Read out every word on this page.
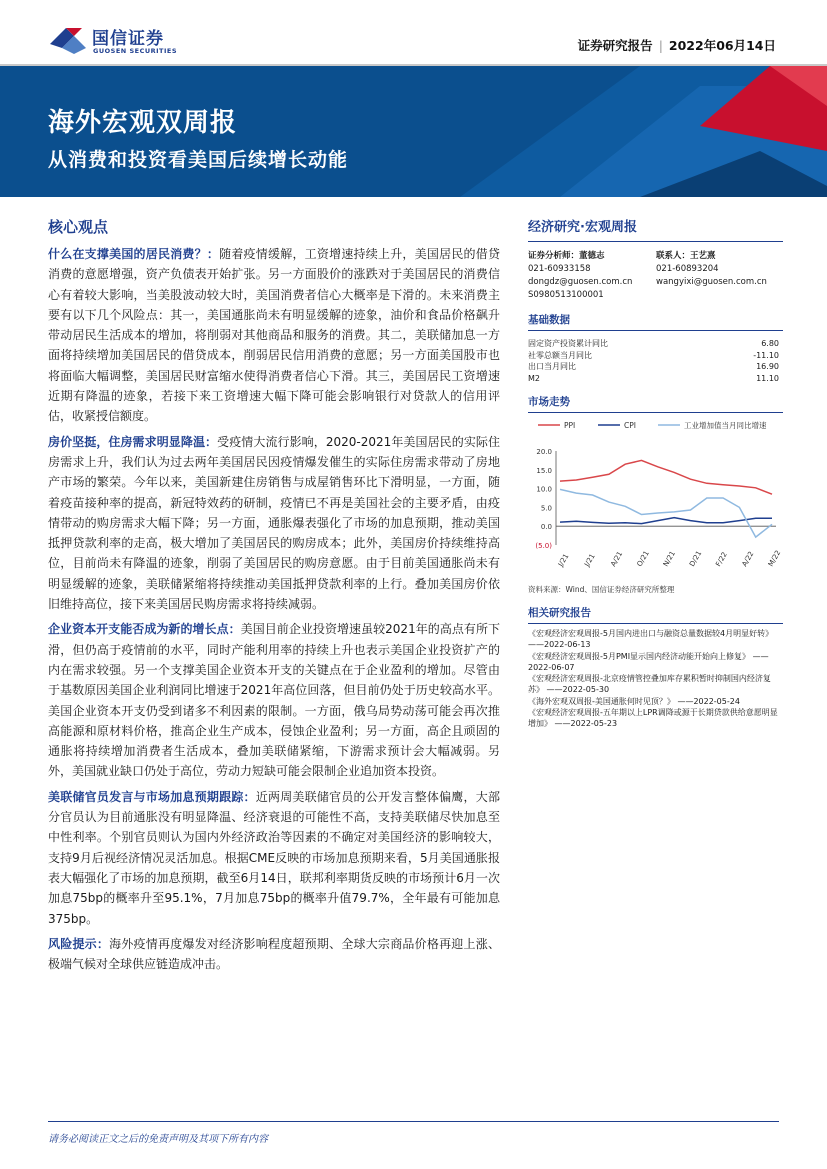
国信证券
GUOSEN SECURITIES	证券研究报告 | 2022年06月14日
海外宏观双周报
从消费和投资看美国后续增长动能
核心观点

什么在支撑美国的居民消费？：随着疫情缓解，工资增速持续上升，美国居民的借贷消费的意愿增强，资产负债表开始扩张。另一方面股价的涨跌对于美国居民的消费信心有着较大影响，当美股波动较大时，美国消费者信心大概率是下滑的。未来消费主要有以下几个风险点：其一，美国通胀尚未有明显缓解的迹象，油价和食品价格飙升带动居民生活成本的增加，将削弱对其他商品和服务的消费。其二，美联储加息一方面将持续增加美国居民的借贷成本，削弱居民信用消费的意愿；另一方面美国股市也将面临大幅调整，美国居民财富缩水使得消费者信心下滑。其三，美国居民工资增速近期有降温的迹象，若接下来工资增速大幅下降可能会影响银行对贷款人的信用评估，收紧授信额度。

房价坚挺，住房需求明显降温：受疫情大流行影响，2020-2021年美国居民的实际住房需求上升，我们认为过去两年美国居民因疫情爆发催生的实际住房需求带动了房地产市场的繁荣。今年以来，美国新建住房销售与成屋销售环比下滑明显，一方面，随着疫苗接种率的提高，新冠特效药的研制，疫情已不再是美国社会的主要矛盾，由疫情带动的购房需求大幅下降；另一方面，通胀爆表强化了市场的加息预期，推动美国抵押贷款利率的走高，极大增加了美国居民的购房成本；此外，美国房价持续维持高位，目前尚未有降温的迹象，削弱了美国居民的购房意愿。由于目前美国通胀尚未有明显缓解的迹象，美联储紧缩将持续推动美国抵押贷款利率的上行。叠加美国房价依旧维持高位，接下来美国居民购房需求将持续减弱。

企业资本开支能否成为新的增长点：美国目前企业投资增速虽较2021年的高点有所下滑，但仍高于疫情前的水平，同时产能利用率的持续上升也表示美国企业投资扩产的内在需求较强。另一个支撑美国企业资本开支的关键点在于企业盈利的增加。尽管由于基数原因美国企业利润同比增速于2021年高位回落，但目前仍处于历史较高水平。美国企业资本开支仍受到诸多不利因素的限制。一方面，俄乌局势动荡可能会再次推高能源和原材料价格，推高企业生产成本，侵蚀企业盈利；另一方面，高企且顽固的通胀将持续增加消费者生活成本，叠加美联储紧缩，下游需求预计会大幅减弱。另外，美国就业缺口仍处于高位，劳动力短缺可能会限制企业追加资本投资。

美联储官员发言与市场加息预期跟踪：近两周美联储官员的公开发言整体偏鹰，大部分官员认为目前通胀没有明显降温、经济衰退的可能性不高，支持美联储尽快加息至中性利率。个别官员则认为国内外经济政治等因素的不确定对美国经济的影响较大，支持9月后视经济情况灵活加息。根据CME反映的市场加息预期来看，5月美国通胀报表大幅强化了市场的加息预期，截至6月14日，联邦利率期货反映的市场预计6月一次加息75bp的概率升至95.1%，7月加息75bp的概率升值79.7%，全年最有可能加息375bp。

风险提示：海外疫情再度爆发对经济影响程度超预期、全球大宗商品价格再迎上涨、极端气候对全球供应链造成冲击。

经济研究·宏观周报
证券分析师：董德志	联系人：王艺熹
021-60933158	021-60893204
dongdz@guosen.com.cn	wangyixi@guosen.com.cn
S0980513100001
基础数据
固定资产投资累计同比	6.80
社零总额当月同比	-11.10
出口当月同比	16.90
M2	11.10
市场走势
PPI	CPI	工业增加值当月同比增速
20.0
15.0
10.0
5.0
0.0
(5.0)
J/21 J/21 A/21 O/21 N/21 D/21 F/22 A/22 M/22
资料来源：Wind、国信证券经济研究所整理
相关研究报告
《宏观经济宏观周报-5月国内进出口与融资总量数据较4月明显好转》 ——2022-06-13
《宏观经济宏观周报-5月PMI显示国内经济动能开始向上修复》 ——2022-06-07
《宏观经济宏观周报-北京疫情管控叠加库存累积暂时抑制国内经济复苏》 ——2022-05-30
《海外宏观双周报-美国通胀何时见顶？》 ——2022-05-24
《宏观经济宏观周报-五年期以上LPR调降或源于长期贷款供给意愿明显增加》 ——2022-05-23
请务必阅读正文之后的免责声明及其项下所有内容
